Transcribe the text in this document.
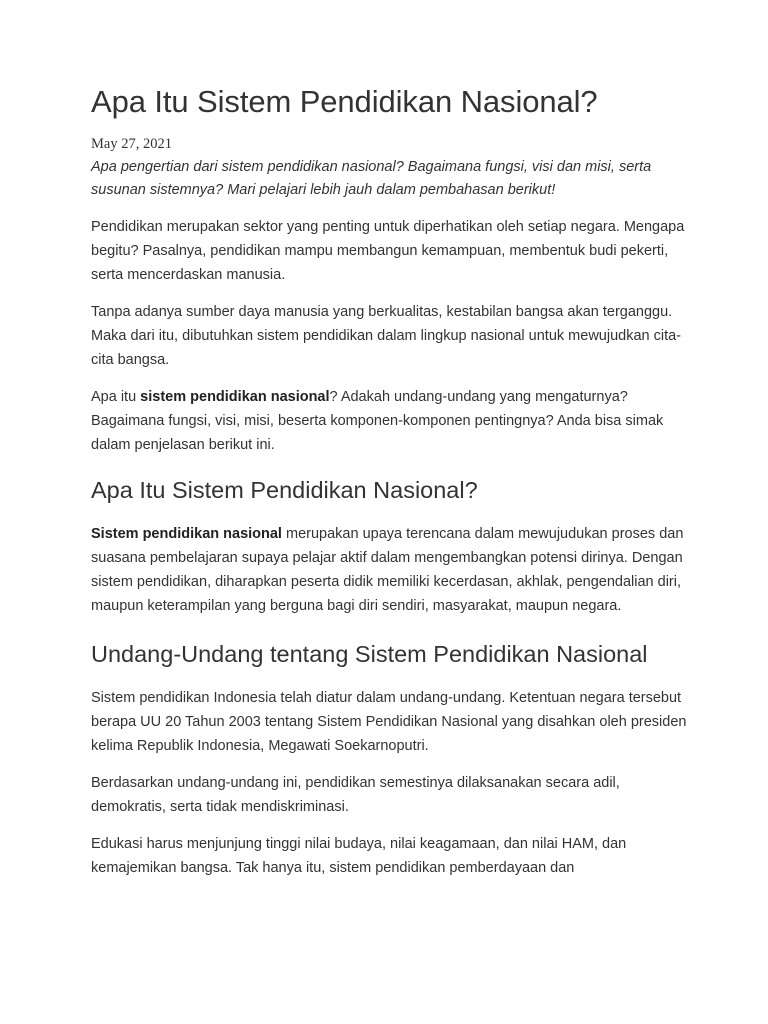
Apa Itu Sistem Pendidikan Nasional?
May 27, 2021

Apa pengertian dari sistem pendidikan nasional? Bagaimana fungsi, visi dan misi, serta susunan sistemnya? Mari pelajari lebih jauh dalam pembahasan berikut!

Pendidikan merupakan sektor yang penting untuk diperhatikan oleh setiap negara. Mengapa begitu? Pasalnya, pendidikan mampu membangun kemampuan, membentuk budi pekerti, serta mencerdaskan manusia.

Tanpa adanya sumber daya manusia yang berkualitas, kestabilan bangsa akan terganggu. Maka dari itu, dibutuhkan sistem pendidikan dalam lingkup nasional untuk mewujudkan cita-cita bangsa.

Apa itu sistem pendidikan nasional? Adakah undang-undang yang mengaturnya? Bagaimana fungsi, visi, misi, beserta komponen-komponen pentingnya? Anda bisa simak dalam penjelasan berikut ini.

Apa Itu Sistem Pendidikan Nasional?

Sistem pendidikan nasional merupakan upaya terencana dalam mewujudukan proses dan suasana pembelajaran supaya pelajar aktif dalam mengembangkan potensi dirinya. Dengan sistem pendidikan, diharapkan peserta didik memiliki kecerdasan, akhlak, pengendalian diri, maupun keterampilan yang berguna bagi diri sendiri, masyarakat, maupun negara.

Undang-Undang tentang Sistem Pendidikan Nasional

Sistem pendidikan Indonesia telah diatur dalam undang-undang. Ketentuan negara tersebut berapa UU 20 Tahun 2003 tentang Sistem Pendidikan Nasional yang disahkan oleh presiden kelima Republik Indonesia, Megawati Soekarnoputri.

Berdasarkan undang-undang ini, pendidikan semestinya dilaksanakan secara adil, demokratis, serta tidak mendiskriminasi.

Edukasi harus menjunjung tinggi nilai budaya, nilai keagamaan, dan nilai HAM, dan kemajemikan bangsa. Tak hanya itu, sistem pendidikan pemberdayaan dan
